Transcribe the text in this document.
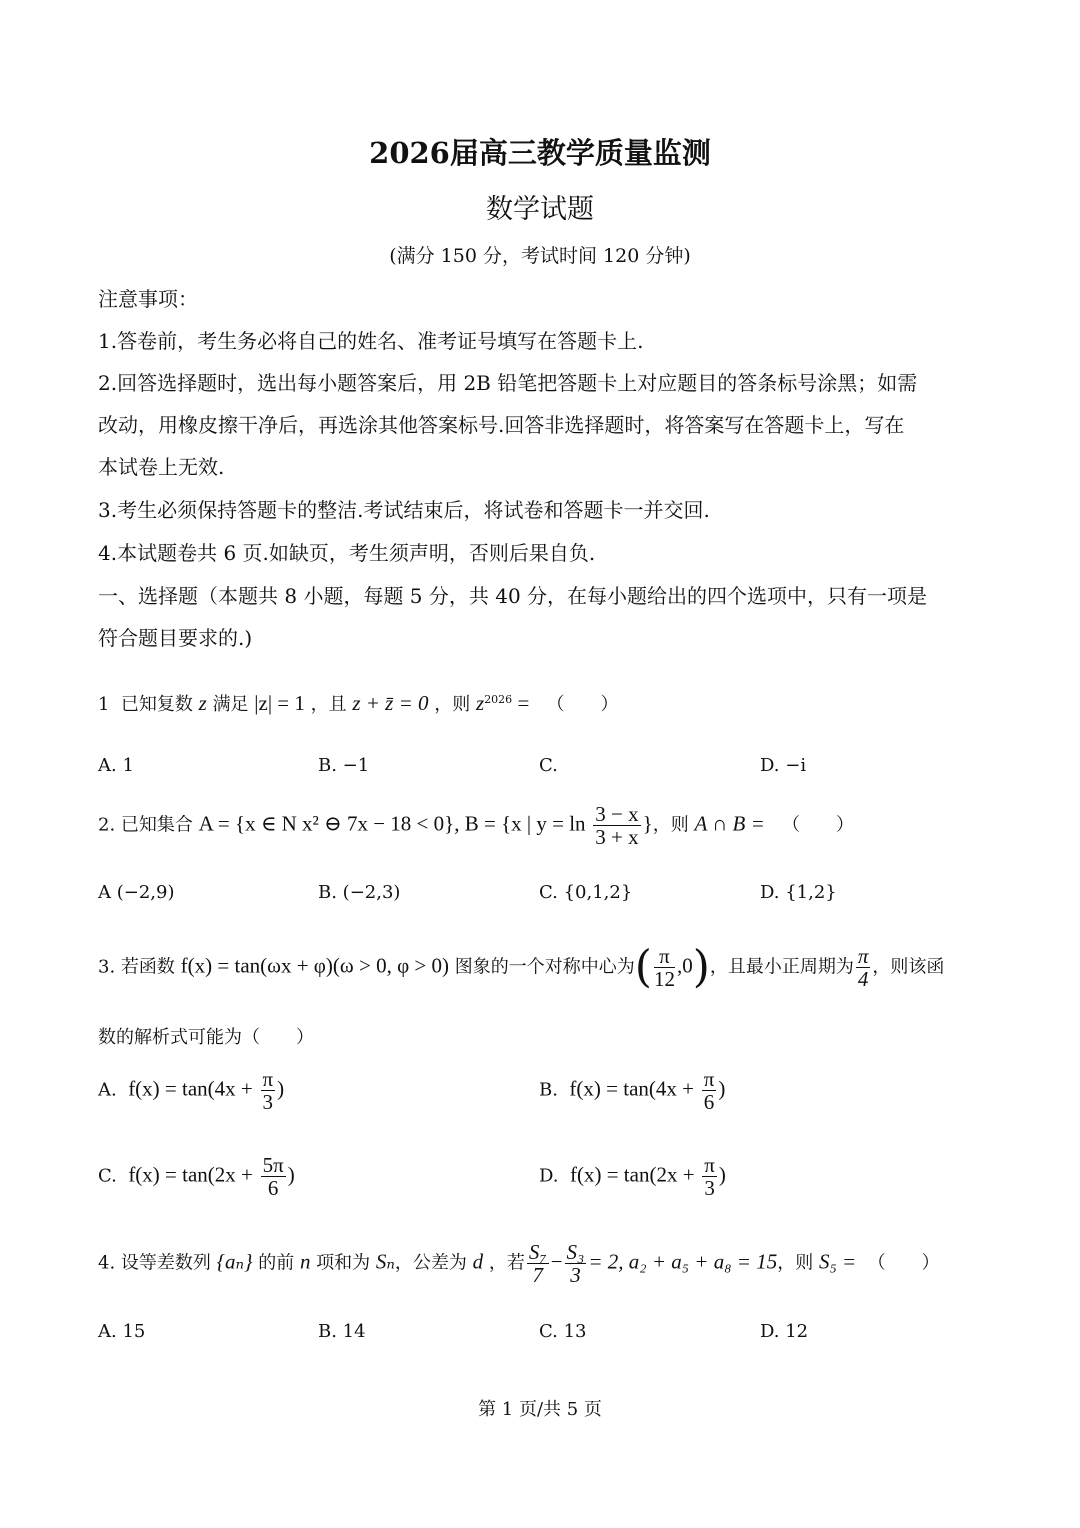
2026届高三教学质量监测
数学试题
(满分 150 分，考试时间 120 分钟)
注意事项：
1.答卷前，考生务必将自己的姓名、准考证号填写在答题卡上.
2.回答选择题时，选出每小题答案后，用 2B 铅笔把答题卡上对应题目的答条标号涂黑；如需
改动，用橡皮擦干净后，再选涂其他答案标号.回答非选择题时，将答案写在答题卡上，写在
本试卷上无效.
3.考生必须保持答题卡的整洁.考试结束后，将试卷和答题卡一并交回.
4.本试题卷共 6 页.如缺页，考生须声明，否则后果自负.
一、选择题（本题共 8 小题，每题 5 分，共 40 分，在每小题给出的四个选项中，只有一项是
符合题目要求的.)
1 已知复数 z 满足 |z| = 1 ，且 z + z̄ = 0 ，则 $z^{2026}$ = （　　）
A. 1	B. −1	C.	D. −i
2. 已知集合 A = {x ∈ N x² ⊖ 7x − 18 < 0}, B = {x | $y = \ln \frac{3 - x}{3 + x}$ }，则 A ∩ B = （　　）
A (−2,9)	B. (−2,3)	C. {0,1,2}	D. {1,2}
3. 若函数 f(x) = tan(ωx + φ)(ω > 0, φ > 0) 图象的一个对称中心为( $\frac{\pi}{12} ,0$)，且最小正周期为 $\frac{\pi}{4}$ ，则该函
数的解析式可能为（　　）
A. $f(x) = \tan(4x + \frac{\pi}{3}$ )	B. $f(x) = \tan(4x + \frac{\pi}{6}$ )
C. $f(x) = \tan(2x + \frac{5\pi}{6}$ )	D. $f(x) = \tan(2x + \frac{\pi}{3}$ )
4. 设等差数列 {aₙ} 的前 n 项和为 Sₙ，公差为 d ，若 $\frac{\text{S₇}}{7} - \frac{\text{S₃}}{3} = 2$, a₂ + a₅ + a₈ = 15，则 S₅ = （　　）
A. 15	B. 14	C. 13	D. 12
第 1 页/共 5 页
